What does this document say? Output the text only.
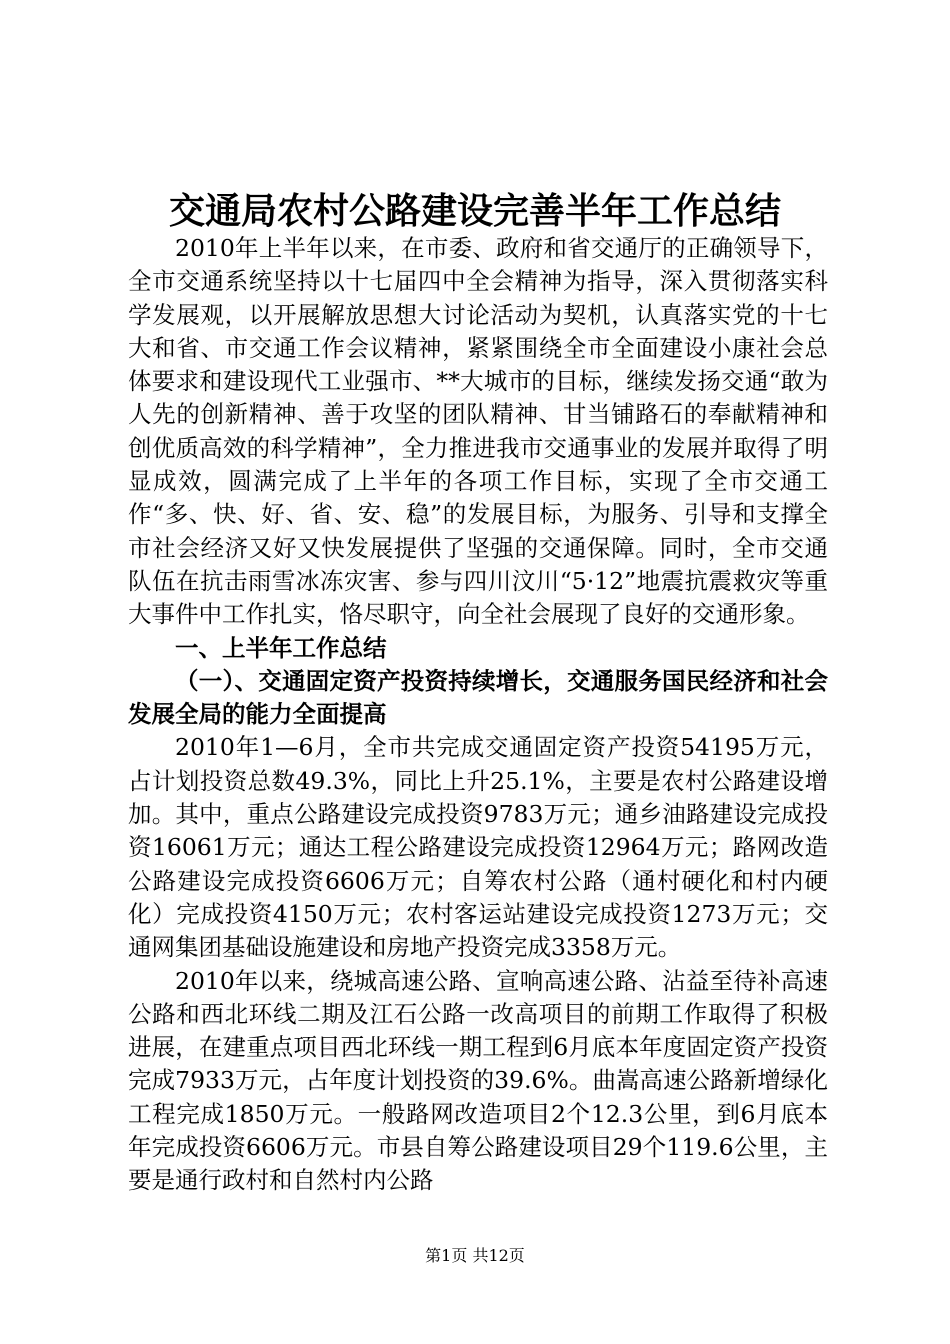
交通局农村公路建设完善半年工作总结

2010年上半年以来，在市委、政府和省交通厅的正确领导下，全市交通系统坚持以十七届四中全会精神为指导，深入贯彻落实科学发展观，以开展解放思想大讨论活动为契机，认真落实党的十七大和省、市交通工作会议精神，紧紧围绕全市全面建设小康社会总体要求和建设现代工业强市、**大城市的目标，继续发扬交通“敢为人先的创新精神、善于攻坚的团队精神、甘当铺路石的奉献精神和创优质高效的科学精神”，全力推进我市交通事业的发展并取得了明显成效，圆满完成了上半年的各项工作目标，实现了全市交通工作“多、快、好、省、安、稳”的发展目标，为服务、引导和支撑全市社会经济又好又快发展提供了坚强的交通保障。同时，全市交通队伍在抗击雨雪冰冻灾害、参与四川汶川“5·12”地震抗震救灾等重大事件中工作扎实，恪尽职守，向全社会展现了良好的交通形象。

一、上半年工作总结

（一）、交通固定资产投资持续增长，交通服务国民经济和社会发展全局的能力全面提高

2010年1—6月，全市共完成交通固定资产投资54195万元，占计划投资总数49.3%，同比上升25.1%，主要是农村公路建设增加。其中，重点公路建设完成投资9783万元；通乡油路建设完成投资16061万元；通达工程公路建设完成投资12964万元；路网改造公路建设完成投资6606万元；自筹农村公路（通村硬化和村内硬化）完成投资4150万元；农村客运站建设完成投资1273万元；交通网集团基础设施建设和房地产投资完成3358万元。

2010年以来，绕城高速公路、宣响高速公路、沾益至待补高速公路和西北环线二期及江石公路一改高项目的前期工作取得了积极进展，在建重点项目西北环线一期工程到6月底本年度固定资产投资完成7933万元，占年度计划投资的39.6%。曲嵩高速公路新增绿化工程完成1850万元。一般路网改造项目2个12.3公里，到6月底本年完成投资6606万元。市县自筹公路建设项目29个119.6公里，主要是通行政村和自然村内公路

第1页 共12页
